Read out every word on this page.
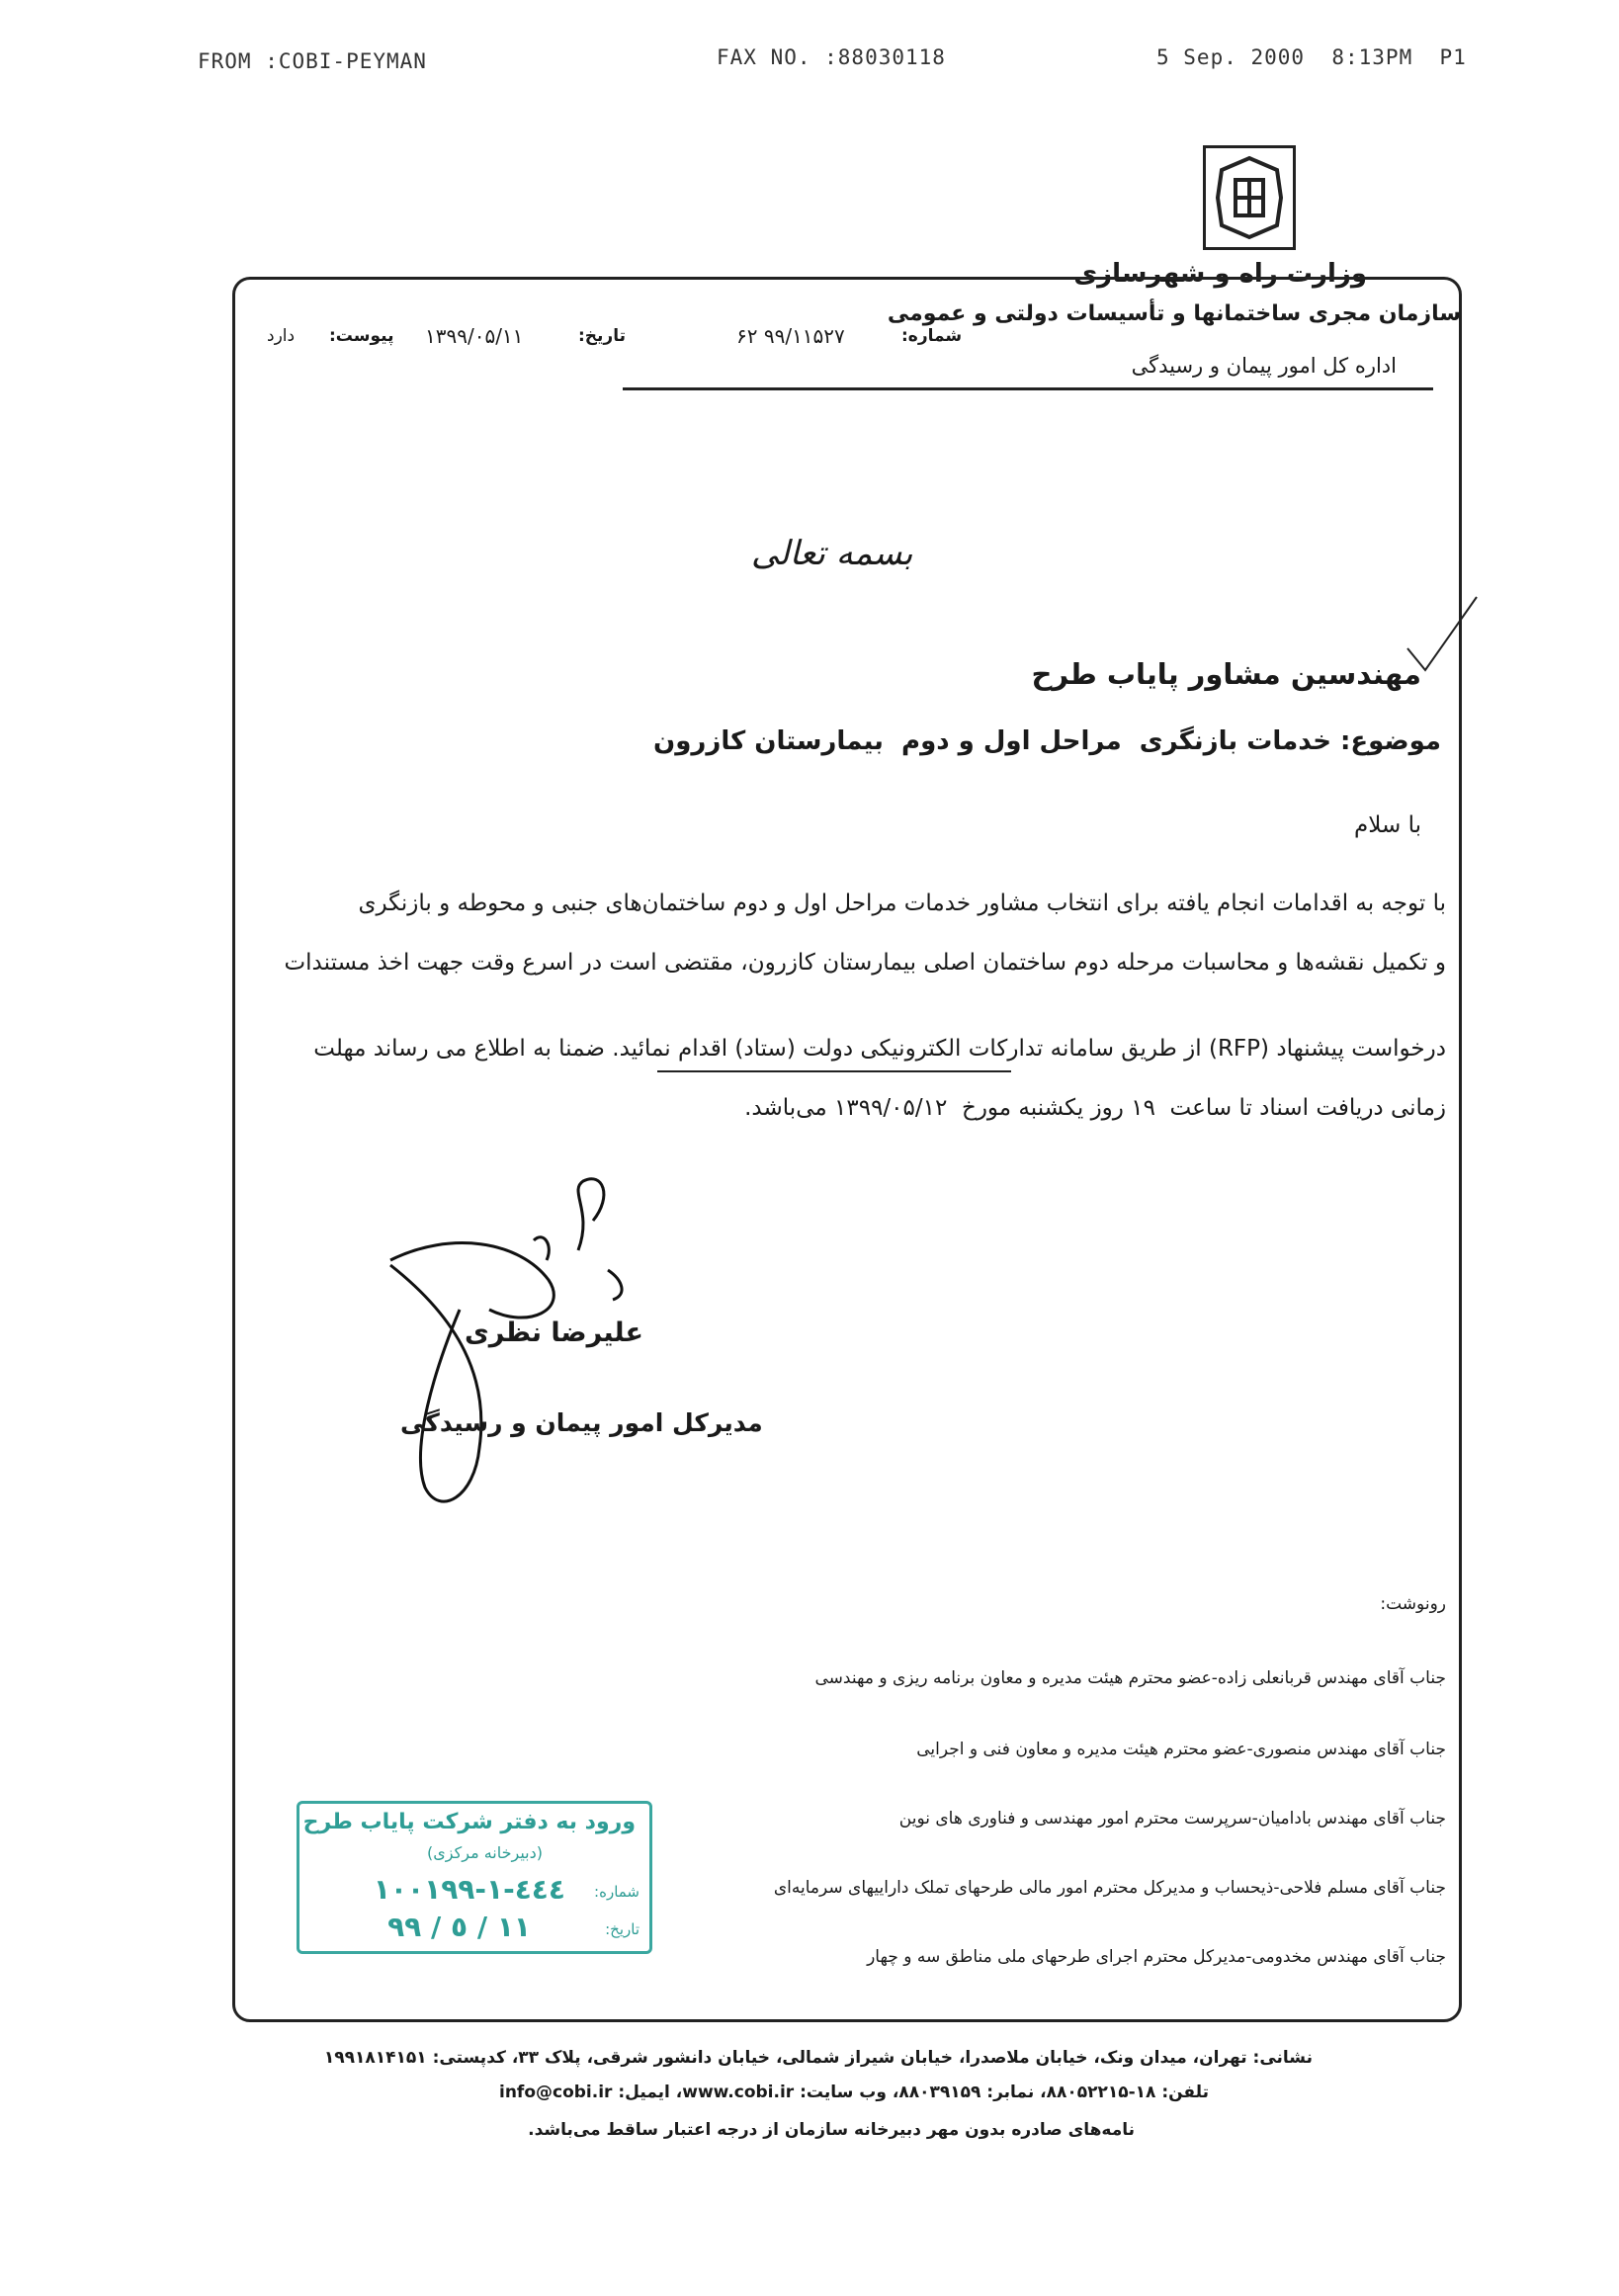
FROM :COBI-PEYMAN	FAX NO. :88030118	5 Sep. 2000  8:13PM  P1
وزارت راه و شهرسازی
سازمان مجری ساختمانها و تأسیسات دولتی و عمومی
اداره کل امور پیمان و رسیدگی
شماره:
۶۲ ۹۹/۱۱۵۲۷
تاریخ:
۱۳۹۹/۰۵/۱۱
پیوست:
دارد
بسمه تعالی
مهندسین مشاور پایاب طرح
موضوع: خدمات بازنگری  مراحل اول و دوم  بیمارستان کازرون
با سلام
با توجه به اقدامات انجام یافته برای انتخاب مشاور خدمات مراحل اول و دوم ساختمان‌های جنبی و محوطه و بازنگری
و تکمیل نقشه‌ها و محاسبات مرحله دوم ساختمان اصلی بیمارستان کازرون، مقتضی است در اسرع وقت جهت اخذ مستندات
درخواست پیشنهاد (RFP) از طریق سامانه تدارکات الکترونیکی دولت (ستاد) اقدام نمائید. ضمنا به اطلاع می رساند مهلت
زمانی دریافت اسناد تا ساعت  ۱۹ روز یکشنبه مورخ  ۱۳۹۹/۰۵/۱۲ می‌باشد.
علیرضا نظری
مدیرکل امور پیمان و رسیدگی
رونوشت:
جناب آقای مهندس قربانعلی زاده-عضو محترم هیئت مدیره و معاون برنامه ریزی و مهندسی
جناب آقای مهندس منصوری-عضو محترم هیئت مدیره و معاون فنی و اجرایی
جناب آقای مهندس بادامیان-سرپرست محترم امور مهندسی و فناوری های نوین
جناب آقای مسلم فلاحی-ذیحساب و مدیرکل محترم امور مالی طرحهای تملک داراییهای سرمایه‌ای
جناب آقای مهندس مخدومی-مدیرکل محترم اجرای طرحهای ملی مناطق سه و چهار
ورود به دفتر شرکت پایاب طرح
(دبیرخانه مرکزی)
شماره:
۱۰۰۱۹۹-۱-٤٤٤
تاریخ:
۹۹ / ٥ / ۱۱
نشانی: تهران، میدان ونک، خیابان ملاصدرا، خیابان شیراز شمالی، خیابان دانشور شرقی، پلاک ۳۳، کدپستی: ۱۹۹۱۸۱۴۱۵۱
تلفن: ۱۸-۸۸۰۵۲۲۱۵، نمابر: ۸۸۰۳۹۱۵۹، وب سایت: www.cobi.ir، ایمیل: info@cobi.ir
نامه‌های صادره بدون مهر دبیرخانه سازمان از درجه اعتبار ساقط می‌باشد.
